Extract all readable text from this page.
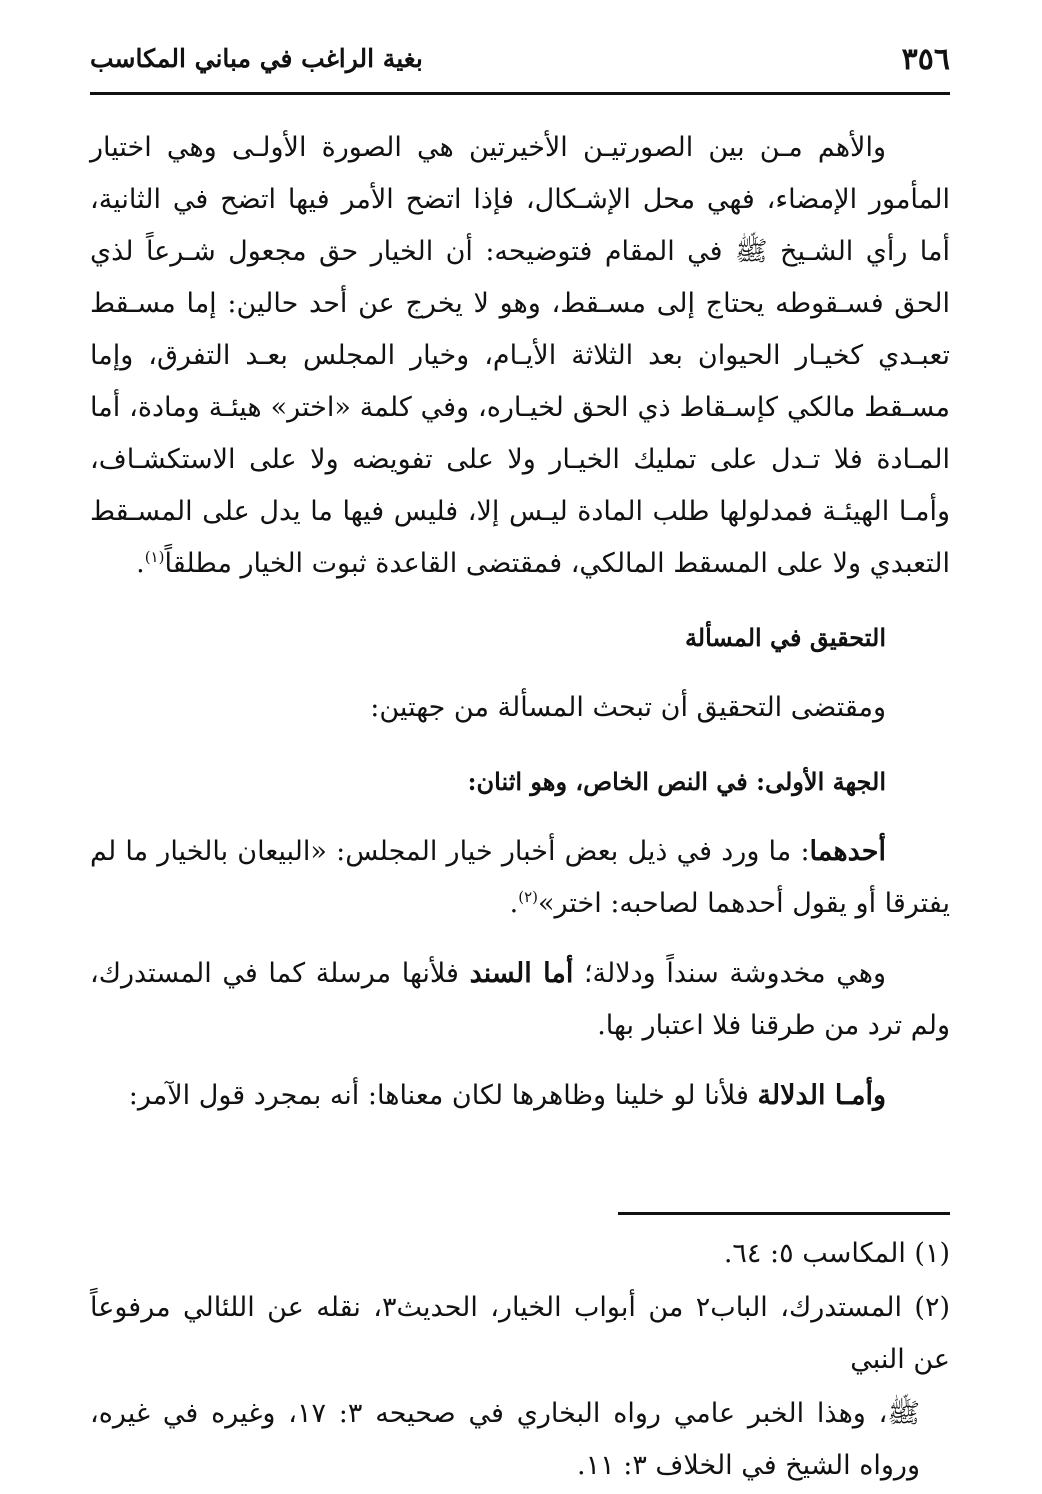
٣٥٦
بغية الراغب في مباني المكاسب

والأهم مـن بين الصورتيـن الأخيرتين هي الصورة الأولـى وهي اختيار المأمور الإمضاء، فهي محل الإشـكال، فإذا اتضح الأمر فيها اتضح في الثانية، أما رأي الشـيخ ﷺ في المقام فتوضيحه: أن الخيار حق مجعول شـرعاً لذي الحق فسـقوطه يحتاج إلى مسـقط، وهو لا يخرج عن أحد حالين: إما مسـقط تعبـدي كخيـار الحيوان بعد الثلاثة الأيـام، وخيار المجلس بعـد التفرق، وإما مسـقط مالكي كإسـقاط ذي الحق لخيـاره، وفي كلمة «اختر» هيئـة ومادة، أما المـادة فلا تـدل على تمليك الخيـار ولا على تفويضه ولا على الاستكشـاف، وأمـا الهيئـة فمدلولها طلب المادة ليـس إلا، فليس فيها ما يدل على المسـقط التعبدي ولا على المسقط المالكي، فمقتضى القاعدة ثبوت الخيار مطلقاً$^{(١)}$.

التحقيق في المسألة

ومقتضى التحقيق أن تبحث المسألة من جهتين:

الجهة الأولى: في النص الخاص، وهو اثنان:

أحدهما: ما ورد في ذيل بعض أخبار خيار المجلس: «البيعان بالخيار ما لم يفترقا أو يقول أحدهما لصاحبه: اختر»$^{(٢)}$.

وهي مخدوشة سنداً ودلالة؛ أما السند فلأنها مرسلة كما في المستدرك، ولم ترد من طرقنا فلا اعتبار بها.

وأمـا الدلالة فلأنا لو خلينا وظاهرها لكان معناها: أنه بمجرد قول الآمر:

(١) المكاسب ٥: ٦٤.

(٢) المستدرك، الباب٢ من أبواب الخيار، الحديث٣، نقله عن اللئالي مرفوعاً عن النبي

ﷺ، وهذا الخبر عامي رواه البخاري في صحيحه ٣: ١٧، وغيره في غيره، ورواه الشيخ في الخلاف ٣: ١١.
